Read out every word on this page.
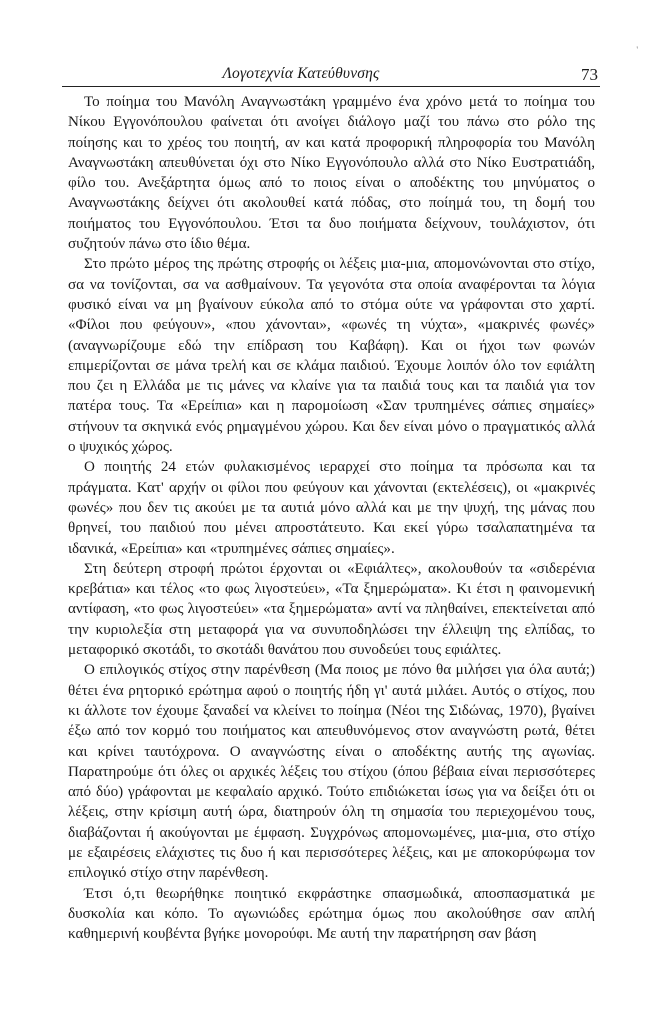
'
Λογοτεχνία Κατεύθυνσης	73

Το ποίημα του Μανόλη Αναγνωστάκη γραμμένο ένα χρόνο μετά το ποίημα του Νίκου Εγγονόπουλου φαίνεται ότι ανοίγει διάλογο μαζί του πάνω στο ρόλο της ποίησης και το χρέος του ποιητή, αν και κατά προφορική πληροφορία του Μανόλη Αναγνωστάκη απευθύνεται όχι στο Νίκο Εγγονόπουλο αλλά στο Νίκο Ευστρατιάδη, φίλο του. Ανεξάρτητα όμως από το ποιος είναι ο αποδέκτης του μηνύματος ο Αναγνωστάκης δείχνει ότι ακολουθεί κατά πόδας, στο ποίημά του, τη δομή του ποιήματος του Εγγονόπουλου. Έτσι τα δυο ποιήματα δείχνουν, τουλάχιστον, ότι συζητούν πάνω στο ίδιο θέμα.

Στο πρώτο μέρος της πρώτης στροφής οι λέξεις μια-μια, απομονώνονται στο στίχο, σα να τονίζονται, σα να ασθμαίνουν. Τα γεγονότα στα οποία αναφέρονται τα λόγια φυσικό είναι να μη βγαίνουν εύκολα από το στόμα ούτε να γράφονται στο χαρτί. «Φίλοι που φεύγουν», «που χάνονται», «φωνές τη νύχτα», «μακρινές φωνές» (αναγνωρίζουμε εδώ την επίδραση του Καβάφη). Και οι ήχοι των φωνών επιμερίζονται σε μάνα τρελή και σε κλάμα παιδιού. Έχουμε λοιπόν όλο τον εφιάλτη που ζει η Ελλάδα με τις μάνες να κλαίνε για τα παιδιά τους και τα παιδιά για τον πατέρα τους. Τα «Ερείπια» και η παρομοίωση «Σαν τρυπημένες σάπιες σημαίες» στήνουν τα σκηνικά ενός ρημαγμένου χώρου. Και δεν είναι μόνο ο πραγματικός αλλά ο ψυχικός χώρος.

Ο ποιητής 24 ετών φυλακισμένος ιεραρχεί στο ποίημα τα πρόσωπα και τα πράγματα. Κατ' αρχήν οι φίλοι που φεύγουν και χάνονται (εκτελέσεις), οι «μακρινές φωνές» που δεν τις ακούει με τα αυτιά μόνο αλλά και με την ψυχή, της μάνας που θρηνεί, του παιδιού που μένει απροστάτευτο. Και εκεί γύρω τσαλαπατημένα τα ιδανικά, «Ερείπια» και «τρυπημένες σάπιες σημαίες».

Στη δεύτερη στροφή πρώτοι έρχονται οι «Εφιάλτες», ακολουθούν τα «σιδερένια κρεβάτια» και τέλος «το φως λιγοστεύει», «Τα ξημερώματα». Κι έτσι η φαινομενική αντίφαση, «το φως λιγοστεύει» «τα ξημερώματα» αντί να πληθαίνει, επεκτείνεται από την κυριολεξία στη μεταφορά για να συνυποδηλώσει την έλλειψη της ελπίδας, το μεταφορικό σκοτάδι, το σκοτάδι θανάτου που συνοδεύει τους εφιάλτες.

Ο επιλογικός στίχος στην παρένθεση (Μα ποιος με πόνο θα μιλήσει για όλα αυτά;) θέτει ένα ρητορικό ερώτημα αφού ο ποιητής ήδη γι' αυτά μιλάει. Αυτός ο στίχος, που κι άλλοτε τον έχουμε ξαναδεί να κλείνει το ποίημα (Νέοι της Σιδώνας, 1970), βγαίνει έξω από τον κορμό του ποιήματος και απευθυνόμενος στον αναγνώστη ρωτά, θέτει και κρίνει ταυτόχρονα. Ο αναγνώστης είναι ο αποδέκτης αυτής της αγωνίας. Παρατηρούμε ότι όλες οι αρχικές λέξεις του στίχου (όπου βέβαια είναι περισσότερες από δύο) γράφονται με κεφαλαίο αρχικό. Τούτο επιδιώκεται ίσως για να δείξει ότι οι λέξεις, στην κρίσιμη αυτή ώρα, διατηρούν όλη τη σημασία του περιεχομένου τους, διαβάζονται ή ακούγονται με έμφαση. Συγχρόνως απομονωμένες, μια-μια, στο στίχο με εξαιρέσεις ελάχιστες τις δυο ή και περισσότερες λέξεις, και με αποκορύφωμα τον επιλογικό στίχο στην παρένθεση.

Έτσι ό,τι θεωρήθηκε ποιητικό εκφράστηκε σπασμωδικά, αποσπασματικά με δυσκολία και κόπο. Το αγωνιώδες ερώτημα όμως που ακολούθησε σαν απλή καθημερινή κουβέντα βγήκε μονορούφι. Με αυτή την παρατήρηση σαν βάση
